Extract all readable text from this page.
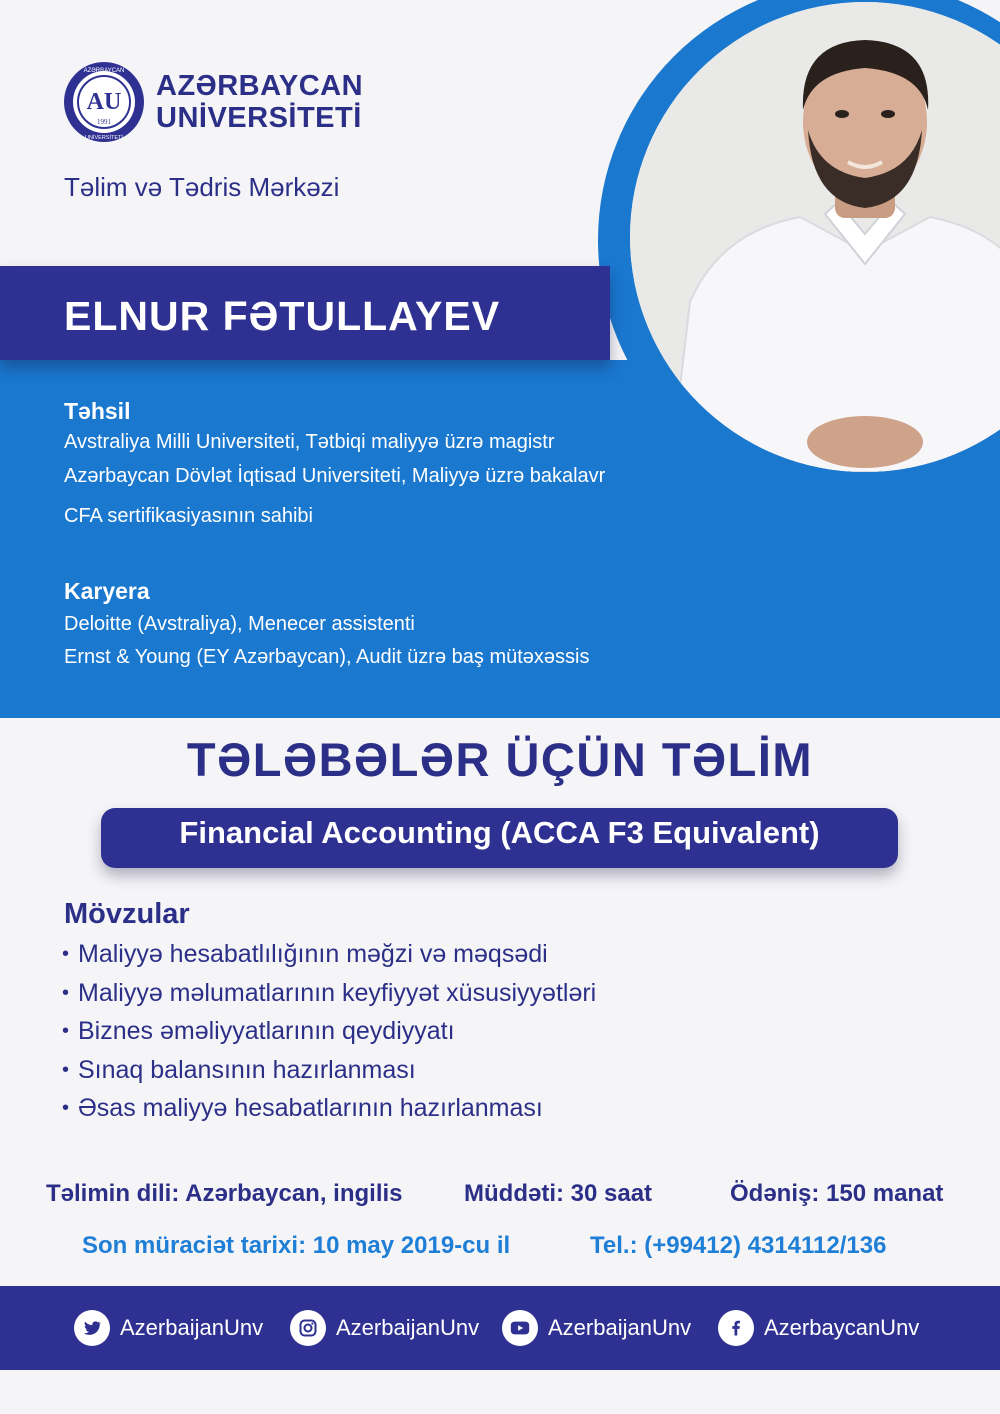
AU
1991
AZƏRBAYCAN
UNİVERSİTETİ
AZƏRBAYCAN
UNİVERSİTETİ
Təlim və Tədris Mərkəzi
ELNUR FƏTULLAYEV
Təhsil
Avstraliya Milli Universiteti, Tətbiqi maliyyə üzrə magistr
Azərbaycan Dövlət İqtisad Universiteti, Maliyyə üzrə bakalavr
CFA sertifikasiyasının sahibi
Karyera
Deloitte (Avstraliya), Menecer assistenti
Ernst & Young (EY Azərbaycan), Audit üzrə baş mütəxəssis
TƏLƏBƏLƏR ÜÇÜN TƏLİM
Financial Accounting (ACCA F3 Equivalent)
Mövzular
• Maliyyə hesabatlılığının məğzi və məqsədi
• Maliyyə məlumatlarının keyfiyyət xüsusiyyətləri
• Biznes əməliyyatlarının qeydiyyatı
• Sınaq balansının hazırlanması
• Əsas maliyyə hesabatlarının hazırlanması
Təlimin dili: Azərbaycan, ingilis	Müddəti: 30 saat	Ödəniş: 150 manat
Son müraciət tarixi: 10 may 2019-cu il	Tel.: (+99412) 4314112/136
AzerbaijanUnv	AzerbaijanUnv	AzerbaijanUnv	AzerbaycanUnv
